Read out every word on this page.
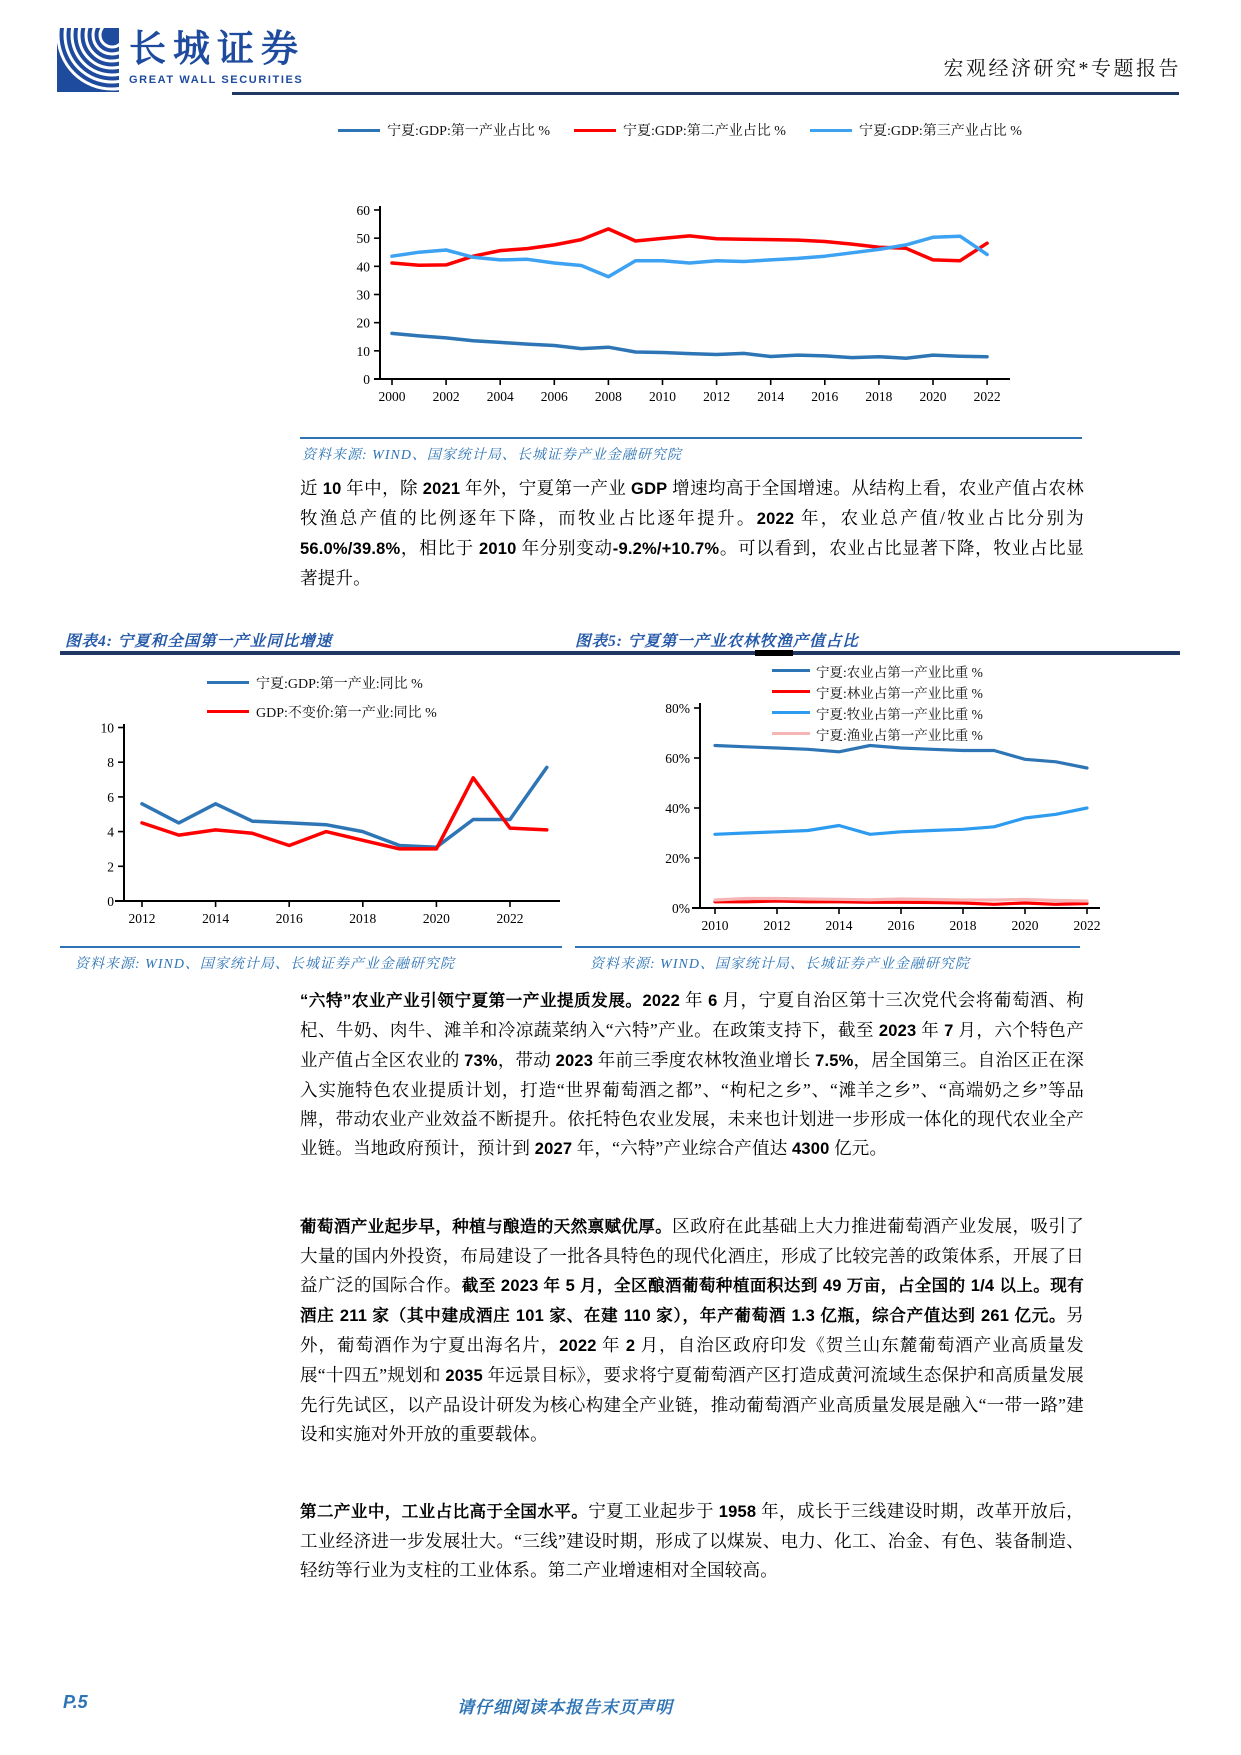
长城证券
GREAT WALL SECURITIES	宏观经济研究*专题报告
宁夏:GDP:第一产业占比 %	宁夏:GDP:第二产业占比 %	宁夏:GDP:第三产业占比 %
0
10
20
30
40
50
60
2000 2002 2004 2006 2008 2010 2012 2014 2016 2018 2020 2022
资料来源: WIND、国家统计局、长城证券产业金融研究院
近 10 年中，除 2021 年外，宁夏第一产业 GDP 增速均高于全国增速。从结构上看，农业产值占农林牧渔总产值的比例逐年下降，而牧业占比逐年提升。2022 年，农业总产值/牧业占比分别为 56.0%/39.8%，相比于 2010 年分别变动-9.2%/+10.7%。可以看到，农业占比显著下降，牧业占比显著提升。
图表4: 宁夏和全国第一产业同比增速	图表5: 宁夏第一产业农林牧渔产值占比
0
2
4
6
8
10
2012	2014	2016	2018	2020	2022
宁夏:GDP:第一产业:同比 %
GDP:不变价:第一产业:同比 %
0%
20%
40%
60%
80%
2010	2012	2014	2016	2018	2020	2022
宁夏:农业占第一产业比重 %
宁夏:林业占第一产业比重 %
宁夏:牧业占第一产业比重 %
宁夏:渔业占第一产业比重 %
资料来源: WIND、国家统计局、长城证券产业金融研究院	资料来源: WIND、国家统计局、长城证券产业金融研究院
“六特”农业产业引领宁夏第一产业提质发展。2022 年 6 月，宁夏自治区第十三次党代会将葡萄酒、枸杞、牛奶、肉牛、滩羊和冷凉蔬菜纳入“六特”产业。在政策支持下，截至 2023 年 7 月，六个特色产业产值占全区农业的 73%，带动 2023 年前三季度农林牧渔业增长 7.5%，居全国第三。自治区正在深入实施特色农业提质计划，打造“世界葡萄酒之都”、“枸杞之乡”、“滩羊之乡”、“高端奶之乡”等品牌，带动农业产业效益不断提升。依托特色农业发展，未来也计划进一步形成一体化的现代农业全产业链。当地政府预计，预计到 2027 年，“六特”产业综合产值达 4300 亿元。
葡萄酒产业起步早，种植与酿造的天然禀赋优厚。区政府在此基础上大力推进葡萄酒产业发展，吸引了大量的国内外投资，布局建设了一批各具特色的现代化酒庄，形成了比较完善的政策体系，开展了日益广泛的国际合作。截至 2023 年 5 月，全区酿酒葡萄种植面积达到 49 万亩，占全国的 1/4 以上。现有酒庄 211 家（其中建成酒庄 101 家、在建 110 家），年产葡萄酒 1.3 亿瓶，综合产值达到 261 亿元。另外，葡萄酒作为宁夏出海名片，2022 年 2 月，自治区政府印发《贺兰山东麓葡萄酒产业高质量发展“十四五”规划和 2035 年远景目标》，要求将宁夏葡萄酒产区打造成黄河流域生态保护和高质量发展先行先试区，以产品设计研发为核心构建全产业链，推动葡萄酒产业高质量发展是融入“一带一路”建设和实施对外开放的重要载体。
第二产业中，工业占比高于全国水平。宁夏工业起步于 1958 年，成长于三线建设时期，改革开放后，工业经济进一步发展壮大。“三线”建设时期，形成了以煤炭、电力、化工、冶金、有色、装备制造、轻纺等行业为支柱的工业体系。第二产业增速相对全国较高。
P.5	请仔细阅读本报告末页声明
